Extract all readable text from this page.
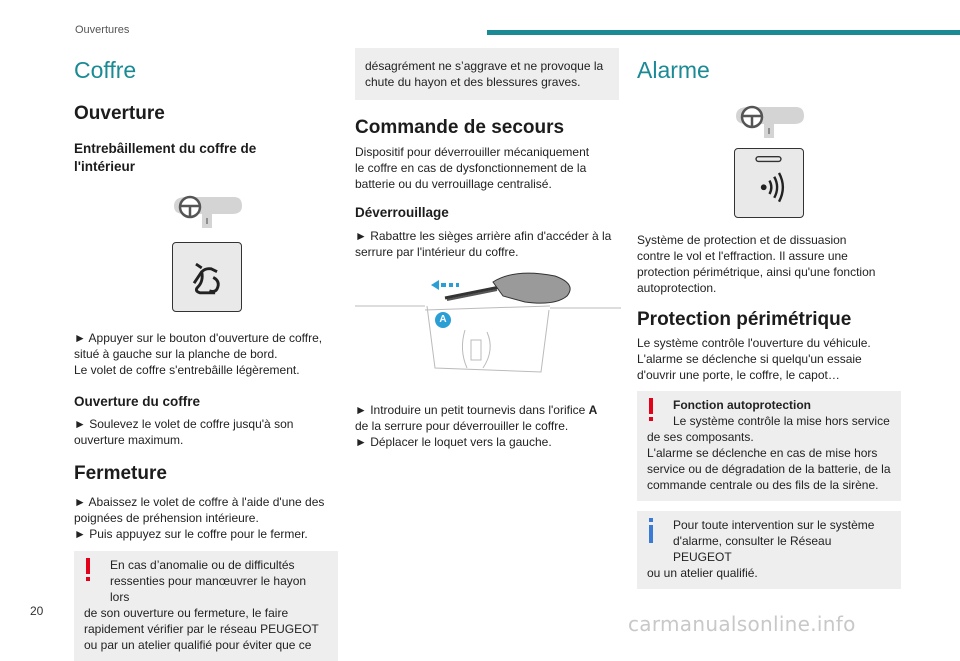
Ouvertures
Coffre
Ouverture
Entrebâillement du coffre de l'intérieur
► Appuyer sur le bouton d'ouverture de coffre,
situé à gauche sur la planche de bord.
Le volet de coffre s'entrebâille légèrement.
Ouverture du coffre
► Soulevez le volet de coffre jusqu'à son
ouverture maximum.
Fermeture
► Abaissez le volet de coffre à l'aide d'une des
poignées de préhension intérieure.
► Puis appuyez sur le coffre pour le fermer.
En cas d’anomalie ou de difficultés
ressenties pour manœuvrer le hayon lors
de son ouverture ou fermeture, le faire
rapidement vérifier par le réseau PEUGEOT
ou par un atelier qualifié pour éviter que ce
désagrément ne s’aggrave et ne provoque la
chute du hayon et des blessures graves.
Commande de secours
Dispositif pour déverrouiller mécaniquement
le coffre en cas de dysfonctionnement de la
batterie ou du verrouillage centralisé.
Déverrouillage
► Rabattre les sièges arrière afin d'accéder à la
serrure par l'intérieur du coffre.
A
► Introduire un petit tournevis dans l'orifice A
de la serrure pour déverrouiller le coffre.
► Déplacer le loquet vers la gauche.
Alarme
Système de protection et de dissuasion
contre le vol et l'effraction. Il assure une
protection périmétrique, ainsi qu'une fonction
autoprotection.
Protection périmétrique
Le système contrôle l'ouverture du véhicule.
L'alarme se déclenche si quelqu'un essaie
d'ouvrir une porte, le coffre, le capot…
Fonction autoprotection
Le système contrôle la mise hors service
de ses composants.
L'alarme se déclenche en cas de mise hors
service ou de dégradation de la batterie, de la
commande centrale ou des fils de la sirène.
Pour toute intervention sur le système
d'alarme, consulter le Réseau PEUGEOT
ou un atelier qualifié.
20
carmanualsonline.info
